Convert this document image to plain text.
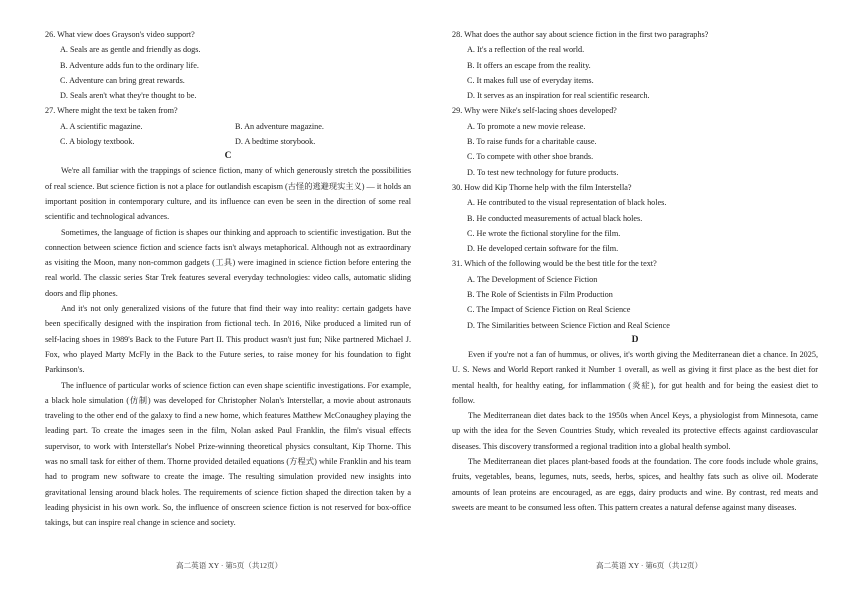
26. What view does Grayson's video support?
A. Seals are as gentle and friendly as dogs.
B. Adventure adds fun to the ordinary life.
C. Adventure can bring great rewards.
D. Seals aren't what they're thought to be.
27. Where might the text be taken from?
A. A scientific magazine.	B. An adventure magazine.
C. A biology textbook.	D. A bedtime storybook.
C

We're all familiar with the trappings of science fiction, many of which generously stretch the possibilities of real science. But science fiction is not a place for outlandish escapism (古怪的逃避现实主义) — it holds an important position in contemporary culture, and its influence can even be seen in the direction of some real scientific and technological advances.

Sometimes, the language of fiction is shapes our thinking and approach to scientific investigation. But the connection between science fiction and science facts isn't always metaphorical. Although not as extraordinary as visiting the Moon, many non-common gadgets (工具) were imagined in science fiction before entering the real world. The classic series Star Trek features several everyday technologies: video calls, automatic sliding doors and flip phones.

And it's not only generalized visions of the future that find their way into reality: certain gadgets have been specifically designed with the inspiration from fictional tech. In 2016, Nike produced a limited run of self-lacing shoes in 1989's Back to the Future Part II. This product wasn't just fun; Nike partnered Michael J. Fox, who played Marty McFly in the Back to the Future series, to raise money for his foundation to fight Parkinson's.

The influence of particular works of science fiction can even shape scientific investigations. For example, a black hole simulation (仿制) was developed for Christopher Nolan's Interstellar, a movie about astronauts traveling to the other end of the galaxy to find a new home, which features Matthew McConaughey playing the leading part. To create the images seen in the film, Nolan asked Paul Franklin, the film's visual effects supervisor, to work with Interstellar's Nobel Prize-winning theoretical physics consultant, Kip Thorne. This was no small task for either of them. Thorne provided detailed equations (方程式) while Franklin and his team had to program new software to create the image. The resulting simulation provided new insights into gravitational lensing around black holes. The requirements of science fiction shaped the direction taken by a leading physicist in his own work. So, the influence of onscreen science fiction is not reserved for box-office takings, but can inspire real change in science and society.

28. What does the author say about science fiction in the first two paragraphs?
A. It's a reflection of the real world.
B. It offers an escape from the reality.
C. It makes full use of everyday items.
D. It serves as an inspiration for real scientific research.
29. Why were Nike's self-lacing shoes developed?
A. To promote a new movie release.
B. To raise funds for a charitable cause.
C. To compete with other shoe brands.
D. To test new technology for future products.
30. How did Kip Thorne help with the film Interstella?
A. He contributed to the visual representation of black holes.
B. He conducted measurements of actual black holes.
C. He wrote the fictional storyline for the film.
D. He developed certain software for the film.
31. Which of the following would be the best title for the text?
A. The Development of Science Fiction
B. The Role of Scientists in Film Production
C. The Impact of Science Fiction on Real Science
D. The Similarities between Science Fiction and Real Science
D

Even if you're not a fan of hummus, or olives, it's worth giving the Mediterranean diet a chance. In 2025, U. S. News and World Report ranked it Number 1 overall, as well as giving it first place as the best diet for mental health, for healthy eating, for inflammation (炎症), for gut health and for being the easiest diet to follow.

The Mediterranean diet dates back to the 1950s when Ancel Keys, a physiologist from Minnesota, came up with the idea for the Seven Countries Study, which revealed its protective effects against cardiovascular diseases. This discovery transformed a regional tradition into a global health symbol.

The Mediterranean diet places plant-based foods at the foundation. The core foods include whole grains, fruits, vegetables, beans, legumes, nuts, seeds, herbs, spices, and healthy fats such as olive oil. Moderate amounts of lean proteins are encouraged, as are eggs, dairy products and wine. By contrast, red meats and sweets are meant to be consumed less often. This pattern creates a natural defense against many diseases.

高二英语 XY · 第5页（共12页）	高二英语 XY · 第6页（共12页）
